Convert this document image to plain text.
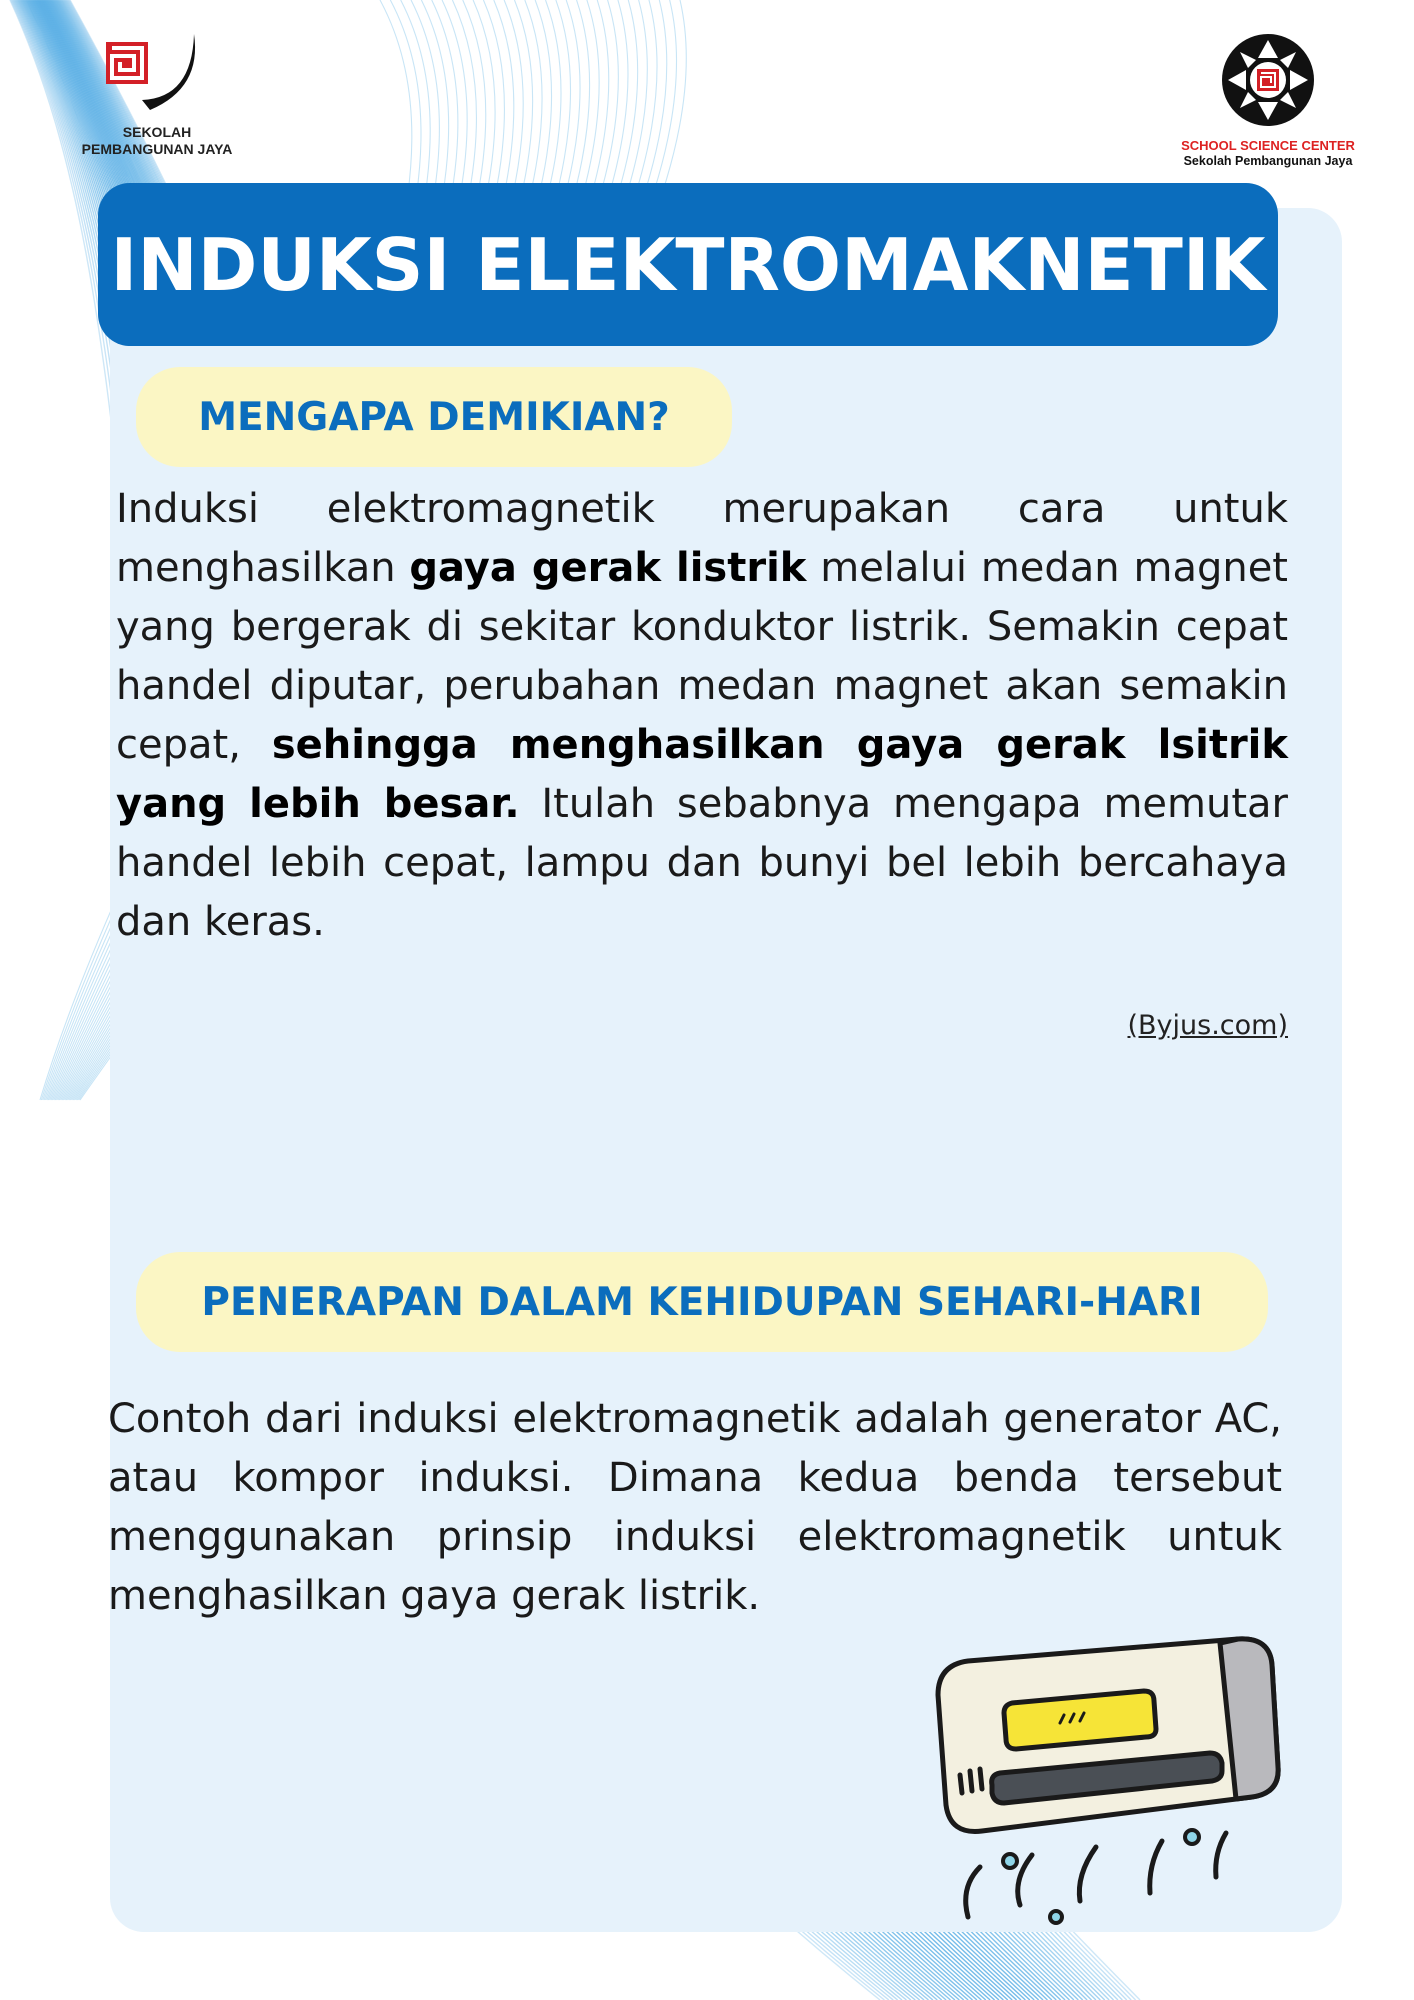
SEKOLAH
PEMBANGUNAN JAYA	SCHOOL SCIENCE CENTER
Sekolah Pembangunan Jaya
INDUKSI ELEKTROMAKNETIK
MENGAPA DEMIKIAN?

Induksi elektromagnetik merupakan cara untuk menghasilkan gaya gerak listrik melalui medan magnet yang bergerak di sekitar konduktor listrik. Semakin cepat handel diputar, perubahan medan magnet akan semakin cepat, sehingga menghasilkan gaya gerak lsitrik yang lebih besar. Itulah sebabnya mengapa memutar handel lebih cepat, lampu dan bunyi bel lebih bercahaya dan keras.

(Byjus.com)
PENERAPAN DALAM KEHIDUPAN SEHARI-HARI

Contoh dari induksi elektromagnetik adalah generator AC, atau kompor induksi. Dimana kedua benda tersebut menggunakan prinsip induksi elektromagnetik untuk menghasilkan gaya gerak listrik.
